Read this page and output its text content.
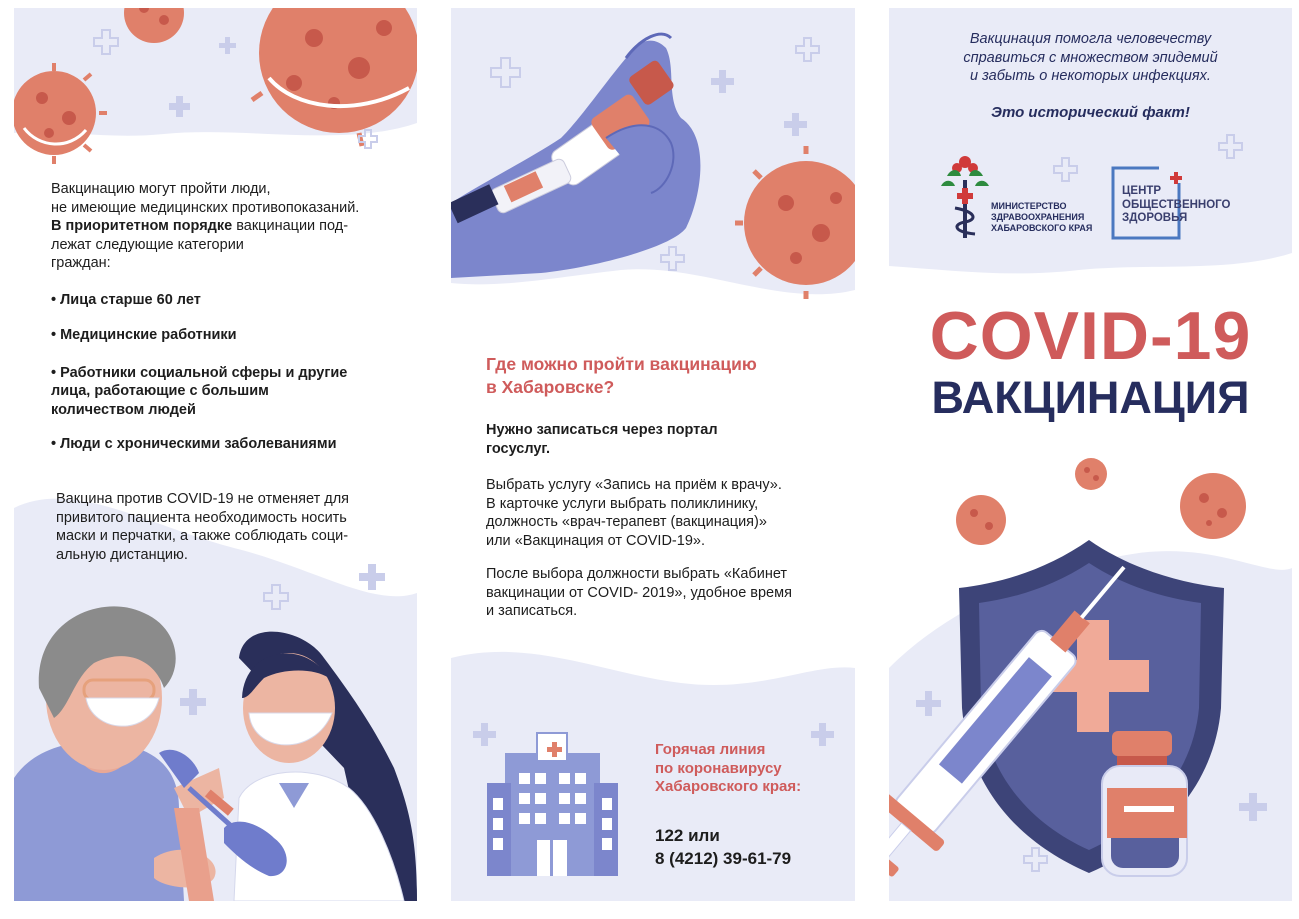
Вакцинацию могут пройти люди,
не имеющие медицинских противопоказаний.
В приоритетном порядке вакцинации под-
лежат следующие категории
граждан:
• Лица старше 60 лет
• Медицинские работники
• Работники социальной сферы и другие
лица, работающие с большим
количеством людей
• Люди с хроническими заболеваниями
Вакцина против COVID-19 не отменяет для
привитого пациента необходимость носить
маски и перчатки, а также соблюдать соци-
альную дистанцию.
Где можно пройти вакцинацию
в Хабаровске?
Нужно записаться через портал
госуслуг.
Выбрать услугу «Запись на приём к врачу».
В карточке услуги выбрать поликлинику,
должность «врач-терапевт (вакцинация)»
или «Вакцинация от COVID-19».
После выбора должности выбрать «Кабинет
вакцинации от COVID- 2019», удобное время
и записаться.
Горячая линия
по коронавирусу
Хабаровского края:
122 или
8 (4212) 39-61-79
Вакцинация помогла человечеству
справиться с множеством эпидемий
и забыть о некоторых инфекциях.
Это исторический факт!
МИНИСТЕРСТВО
ЗДРАВООХРАНЕНИЯ
ХАБАРОВСКОГО КРАЯ
ЦЕНТР
ОБЩЕСТВЕННОГО
ЗДОРОВЬЯ
COVID-19
ВАКЦИНАЦИЯ
